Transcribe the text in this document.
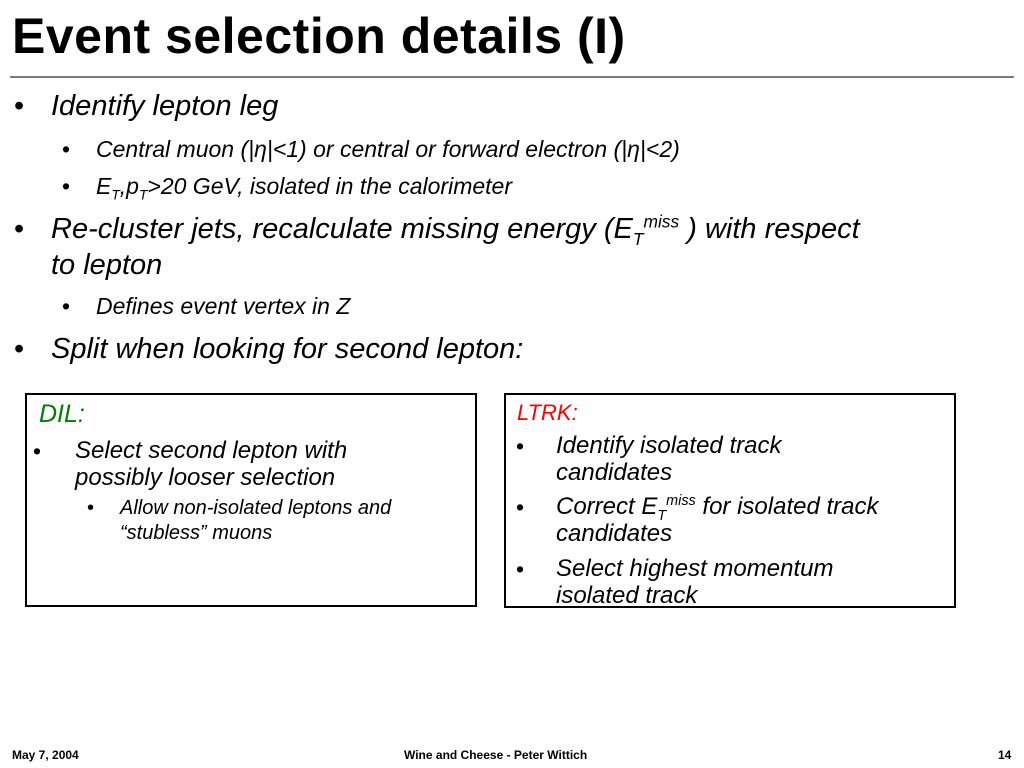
Event selection details (I)
• Identify lepton leg
• Central muon (|η|<1) or central or forward electron (|η|<2)
• $E_T,p_T>20$ GeV, isolated in the calorimeter
• Re-cluster jets, recalculate missing energy ($E_T^{miss}$ ) with respect
to lepton
• Defines event vertex in Z
• Split when looking for second lepton:
DIL:
• Select second lepton with possibly looser selection
• Allow non-isolated leptons and “stubless” muons
LTRK:
• Identify isolated track candidates
• Correct $E_T^{miss}$ for isolated track candidates
• Select highest momentum isolated track
May 7, 2004	Wine and Cheese - Peter Wittich	14
